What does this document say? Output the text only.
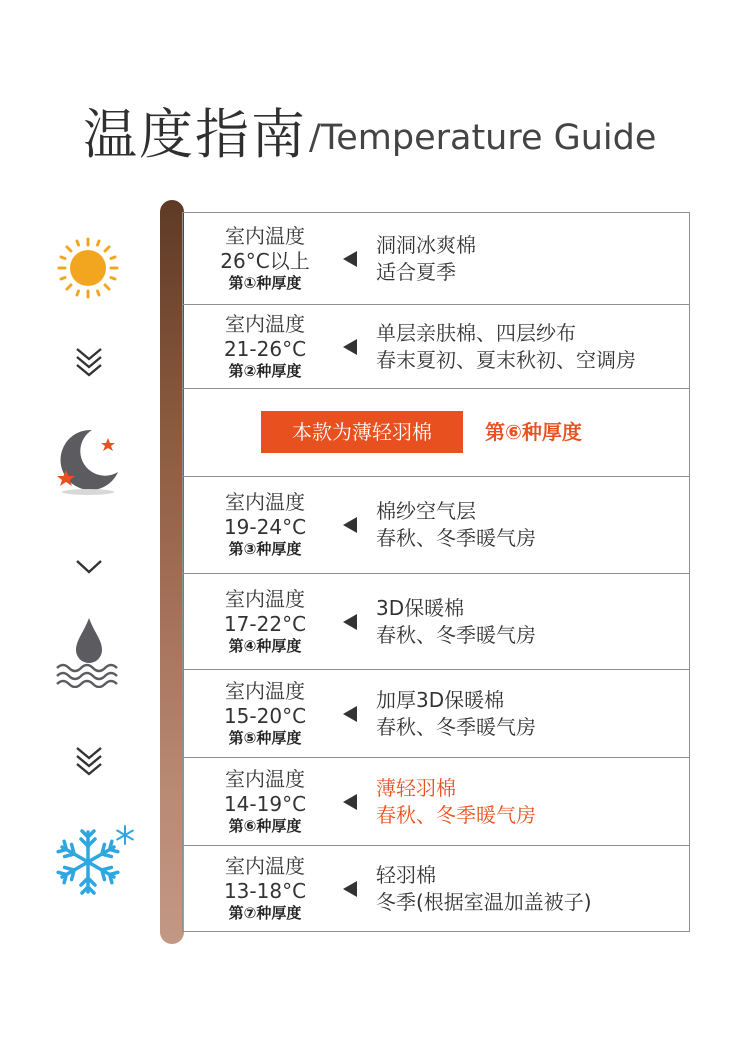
温度指南 /Temperature Guide
室内温度
26°C以上
第①种厚度
洞洞冰爽棉
适合夏季
室内温度
21-26°C
第②种厚度
单层亲肤棉、四层纱布
春末夏初、夏末秋初、空调房
本款为薄轻羽棉	第⑥种厚度
室内温度
19-24°C
第③种厚度
棉纱空气层
春秋、冬季暖气房
室内温度
17-22°C
第④种厚度
3D保暖棉
春秋、冬季暖气房
室内温度
15-20°C
第⑤种厚度
加厚3D保暖棉
春秋、冬季暖气房
室内温度
14-19°C
第⑥种厚度
薄轻羽棉
春秋、冬季暖气房
室内温度
13-18°C
第⑦种厚度
轻羽棉
冬季(根据室温加盖被子)
